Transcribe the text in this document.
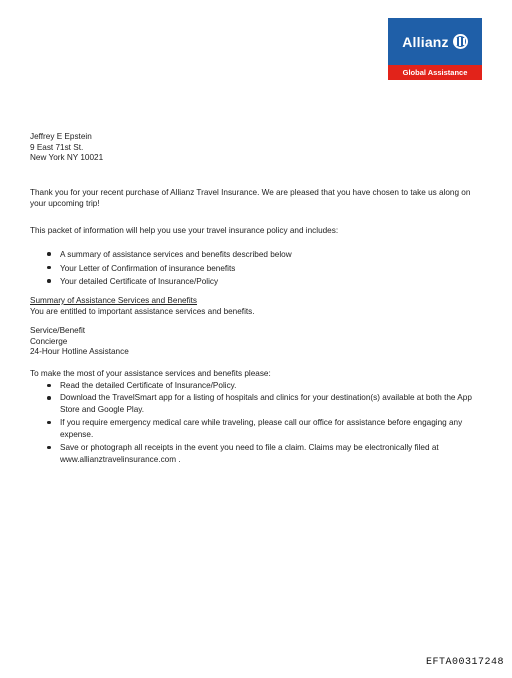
Allianz
Global Assistance

Jeffrey E Epstein

9 East 71st St.

New York NY 10021

Thank you for your recent purchase of Allianz Travel Insurance. We are pleased that you have chosen to take us along on your upcoming trip!

This packet of information will help you use your travel insurance policy and includes:

A summary of assistance services and benefits described below
Your Letter of Confirmation of insurance benefits
Your detailed Certificate of Insurance/Policy

Summary of Assistance Services and Benefits

You are entitled to important assistance services and benefits.

Service/Benefit

Concierge

24-Hour Hotline Assistance

To make the most of your assistance services and benefits please:

Read the detailed Certificate of Insurance/Policy.
Download the TravelSmart app for a listing of hospitals and clinics for your destination(s) available at both the App Store and Google Play.
If you require emergency medical care while traveling, please call our office for assistance before engaging any expense.
Save or photograph all receipts in the event you need to file a claim. Claims may be electronically filed at www.allianztravelinsurance.com .
EFTA00317248
